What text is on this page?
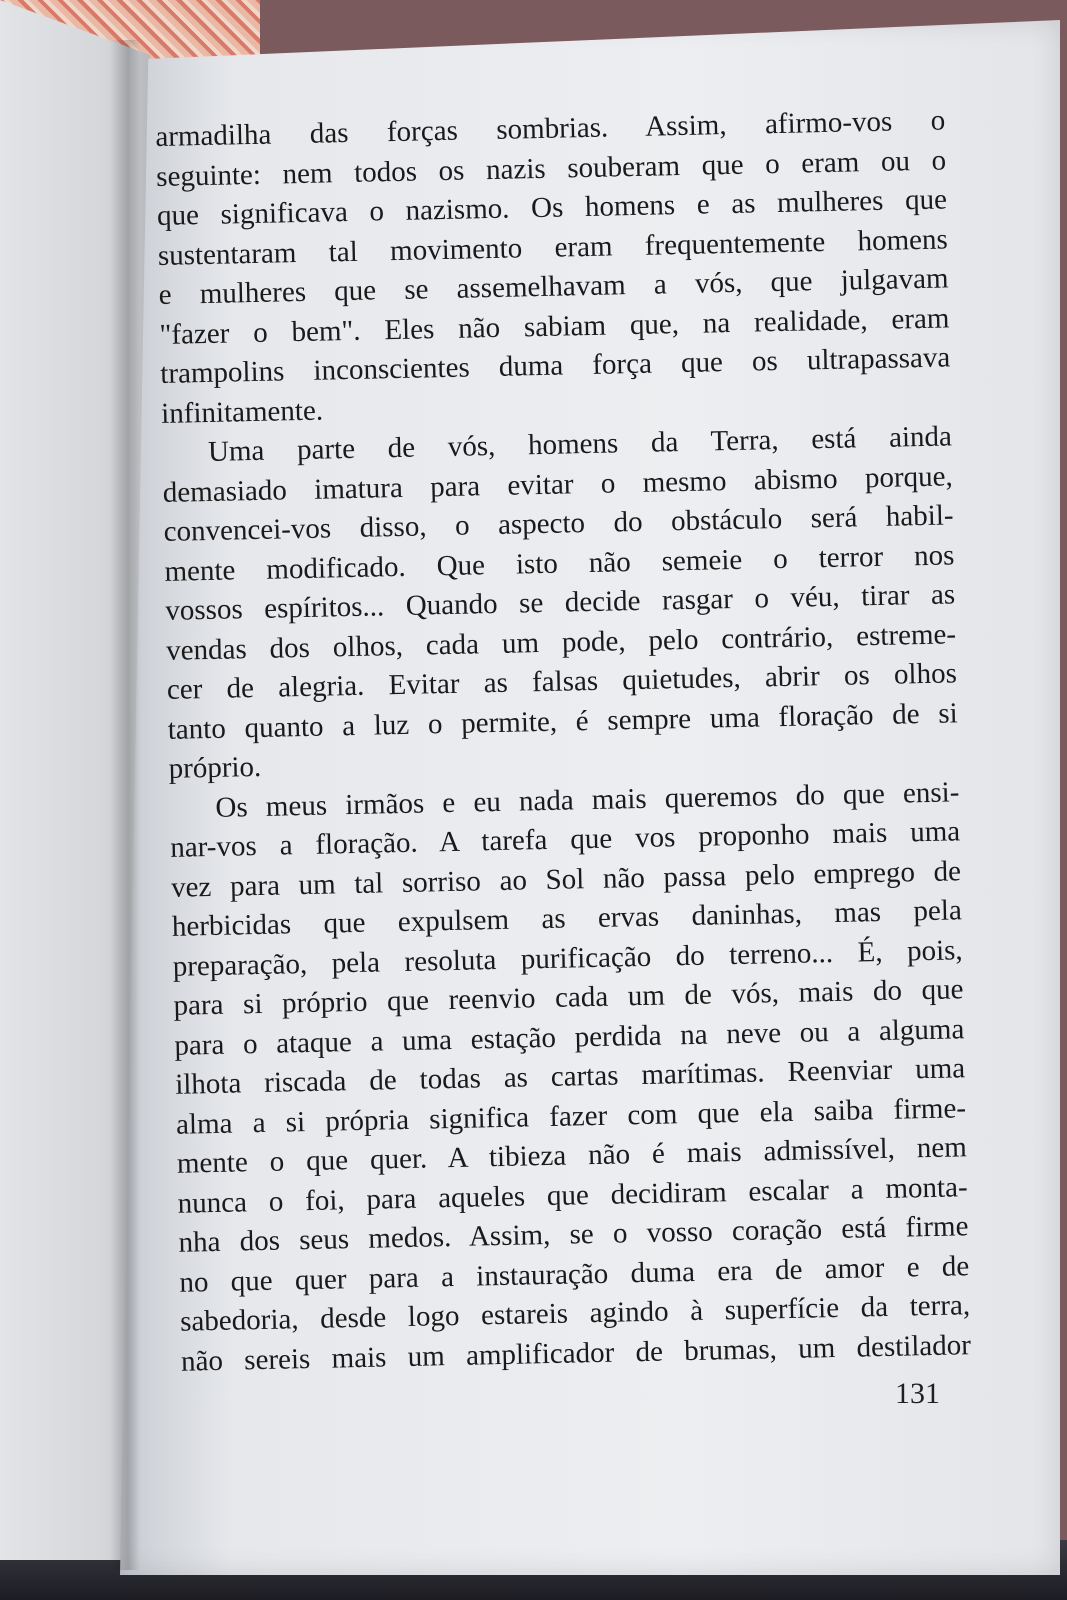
armadilha das forças sombrias. Assim, afirmo-vos o
seguinte: nem todos os nazis souberam que o eram ou o
que significava o nazismo. Os homens e as mulheres que
sustentaram tal movimento eram frequentemente homens
e mulheres que se assemelhavam a vós, que julgavam
"fazer o bem". Eles não sabiam que, na realidade, eram
trampolins inconscientes duma força que os ultrapassava
infinitamente.
Uma parte de vós, homens da Terra, está ainda
demasiado imatura para evitar o mesmo abismo porque,
convencei-vos disso, o aspecto do obstáculo será habil-
mente modificado. Que isto não semeie o terror nos
vossos espíritos... Quando se decide rasgar o véu, tirar as
vendas dos olhos, cada um pode, pelo contrário, estreme-
cer de alegria. Evitar as falsas quietudes, abrir os olhos
tanto quanto a luz o permite, é sempre uma floração de si
próprio.
Os meus irmãos e eu nada mais queremos do que ensi-
nar-vos a floração. A tarefa que vos proponho mais uma
vez para um tal sorriso ao Sol não passa pelo emprego de
herbicidas que expulsem as ervas daninhas, mas pela
preparação, pela resoluta purificação do terreno... É, pois,
para si próprio que reenvio cada um de vós, mais do que
para o ataque a uma estação perdida na neve ou a alguma
ilhota riscada de todas as cartas marítimas. Reenviar uma
alma a si própria significa fazer com que ela saiba firme-
mente o que quer. A tibieza não é mais admissível, nem
nunca o foi, para aqueles que decidiram escalar a monta-
nha dos seus medos. Assim, se o vosso coração está firme
no que quer para a instauração duma era de amor e de
sabedoria, desde logo estareis agindo à superfície da terra,
não sereis mais um amplificador de brumas, um destilador
131
